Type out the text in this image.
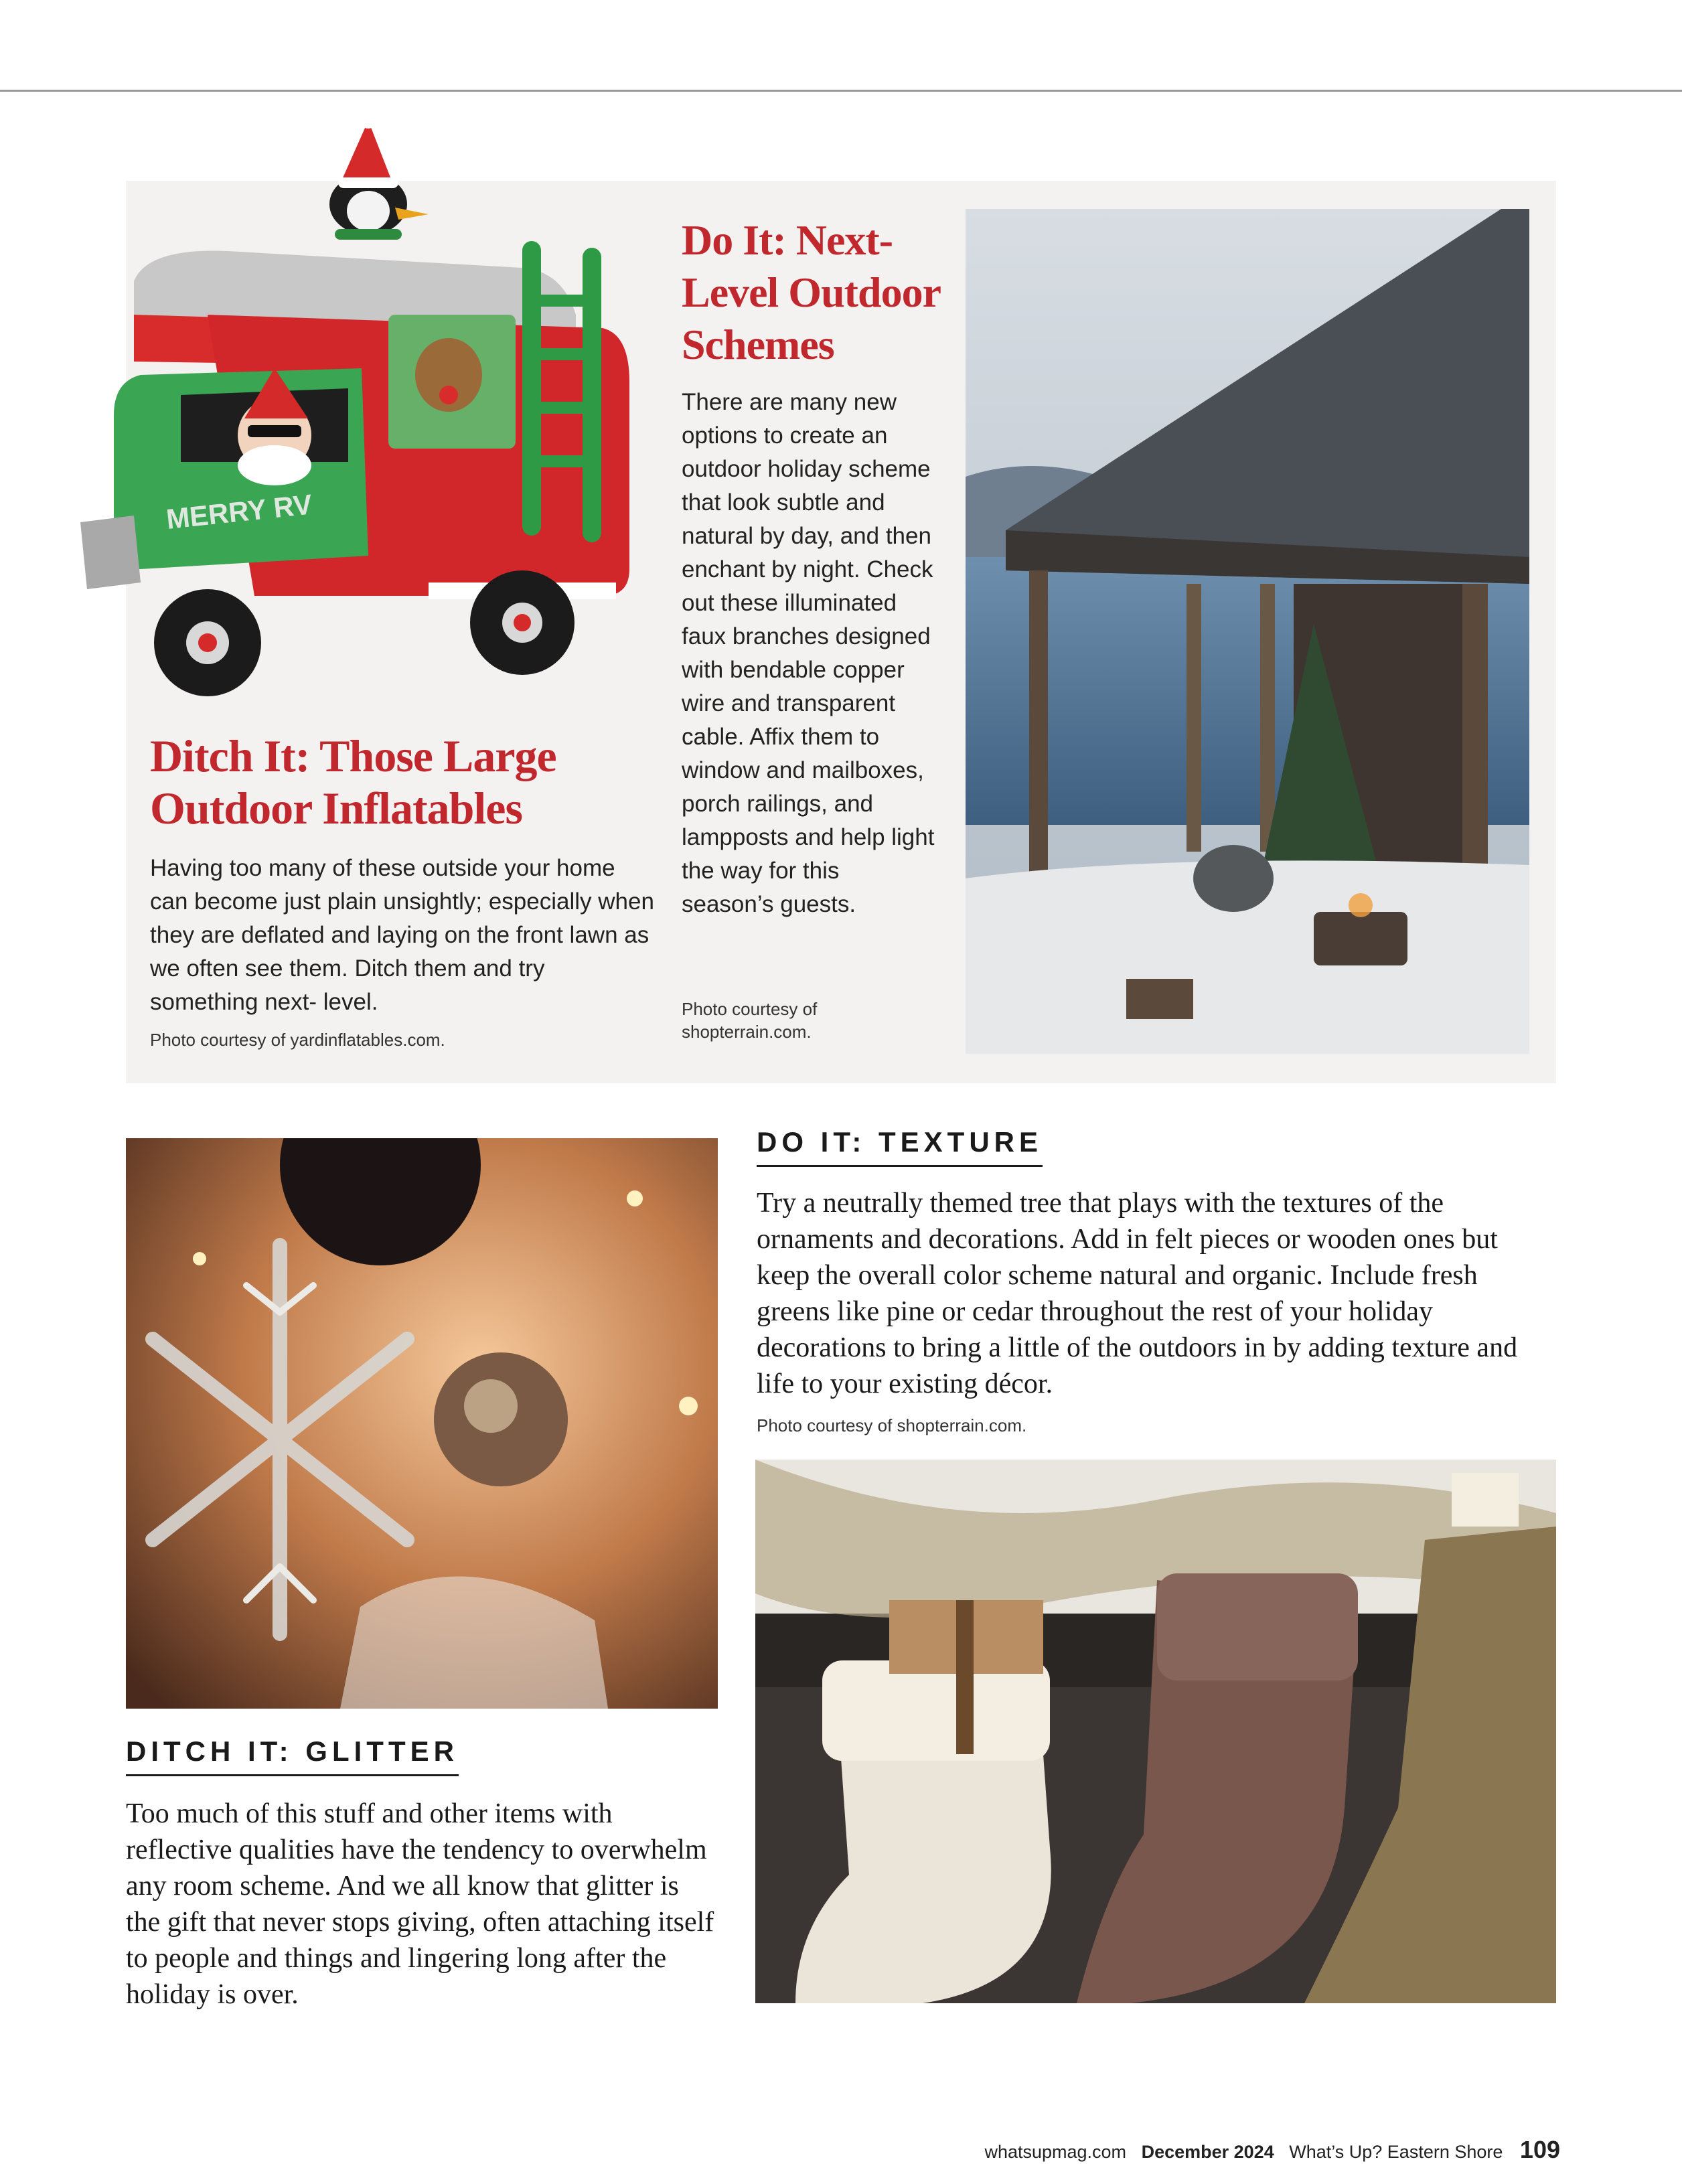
MERRY RV
Ditch It: Those Large Outdoor Inflatables
Having too many of these outside your home can become just plain unsightly; especially when they are deflated and laying on the front lawn as we often see them. Ditch them and try something next- level.
Photo courtesy of yardinflatables.com.
Do It: Next-Level Outdoor Schemes
There are many new options to create an outdoor holiday scheme that look subtle and natural by day, and then enchant by night. Check out these illuminated faux branches designed with bendable copper wire and transparent cable. Affix them to window and mailboxes, porch railings, and lampposts and help light the way for this season’s guests.
Photo courtesy of shopterrain.com.
DO IT: TEXTURE
Try a neutrally themed tree that plays with the textures of the ornaments and decorations. Add in felt pieces or wooden ones but keep the overall color scheme natural and organic. Include fresh greens like pine or cedar throughout the rest of your holiday decorations to bring a little of the outdoors in by adding texture and life to your existing décor.
Photo courtesy of shopterrain.com.
DITCH IT: GLITTER
Too much of this stuff and other items with reflective qualities have the tendency to overwhelm any room scheme. And we all know that glitter is the gift that never stops giving, often attaching itself to people and things and lingering long after the holiday is over.
whatsupmag.com December 2024 What’s Up? Eastern Shore 109
